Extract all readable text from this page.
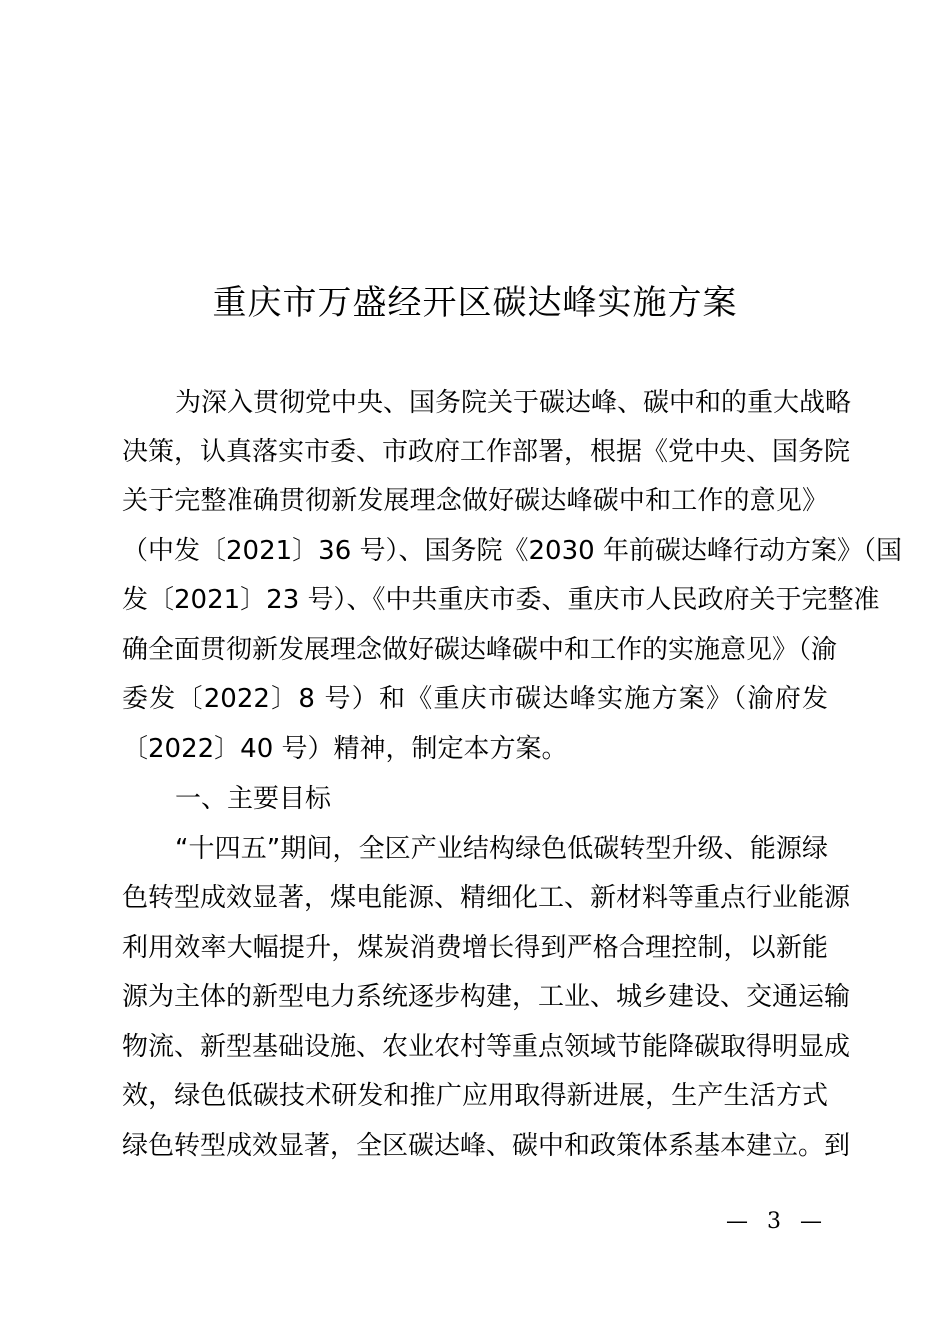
重庆市万盛经开区碳达峰实施方案

为深入贯彻党中央、国务院关于碳达峰、碳中和的重大战略

决策，认真落实市委、市政府工作部署，根据《党中央、国务院

关于完整准确贯彻新发展理念做好碳达峰碳中和工作的意见》

（中发〔2021〕36 号）、国务院《2030 年前碳达峰行动方案》（国

发〔2021〕23 号）、《中共重庆市委、重庆市人民政府关于完整准

确全面贯彻新发展理念做好碳达峰碳中和工作的实施意见》（渝

委发〔2022〕8 号）和《重庆市碳达峰实施方案》（渝府发

〔2022〕40 号）精神，制定本方案。

一、主要目标

“十四五”期间，全区产业结构绿色低碳转型升级、能源绿

色转型成效显著，煤电能源、精细化工、新材料等重点行业能源

利用效率大幅提升，煤炭消费增长得到严格合理控制，以新能

源为主体的新型电力系统逐步构建，工业、城乡建设、交通运输

物流、新型基础设施、农业农村等重点领域节能降碳取得明显成

效，绿色低碳技术研发和推广应用取得新进展，生产生活方式

绿色转型成效显著，全区碳达峰、碳中和政策体系基本建立。到

— 3 —
